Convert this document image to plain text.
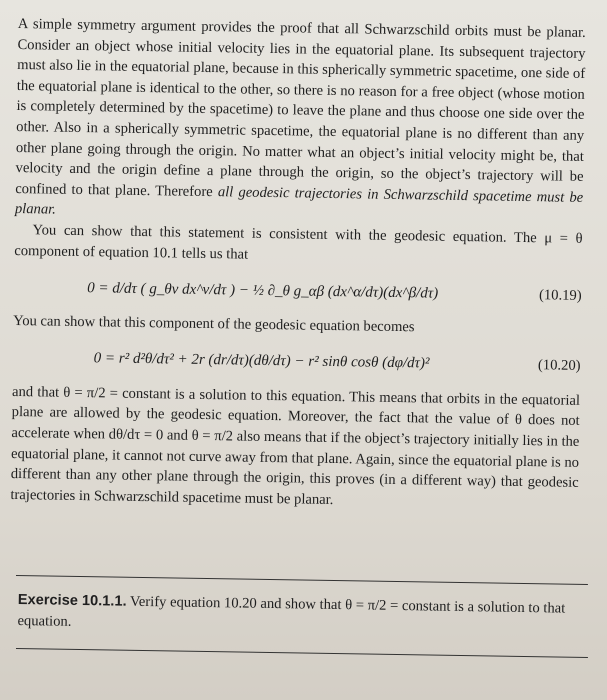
A simple symmetry argument provides the proof that all Schwarzschild orbits must be planar. Consider an object whose initial velocity lies in the equatorial plane. Its subsequent trajectory must also lie in the equatorial plane, because in this spherically symmetric spacetime, one side of the equatorial plane is identical to the other, so there is no reason for a free object (whose motion is completely determined by the spacetime) to leave the plane and thus choose one side over the other. Also in a spherically symmetric spacetime, the equatorial plane is no different than any other plane going through the origin. No matter what an object’s initial velocity might be, that velocity and the origin define a plane through the origin, so the object’s trajectory will be confined to that plane. Therefore all geodesic trajectories in Schwarzschild spacetime must be planar.

You can show that this statement is consistent with the geodesic equation. The μ = θ component of equation 10.1 tells us that

0 = d/dτ ( g_θν dx^ν/dτ ) − ½ ∂_θ g_αβ (dx^α/dτ)(dx^β/dτ)	(10.19)

You can show that this component of the geodesic equation becomes

0 = r² d²θ/dτ² + 2r (dr/dτ)(dθ/dτ) − r² sinθ cosθ (dφ/dτ)²	(10.20)

and that θ = π/2 = constant is a solution to this equation. This means that orbits in the equatorial plane are allowed by the geodesic equation. Moreover, the fact that the value of θ does not accelerate when dθ/dτ = 0 and θ = π/2 also means that if the object’s trajectory initially lies in the equatorial plane, it cannot not curve away from that plane. Again, since the equatorial plane is no different than any other plane through the origin, this proves (in a different way) that geodesic trajectories in Schwarzschild spacetime must be planar.

Exercise 10.1.1. Verify equation 10.20 and show that θ = π/2 = constant is a solution to that equation.
